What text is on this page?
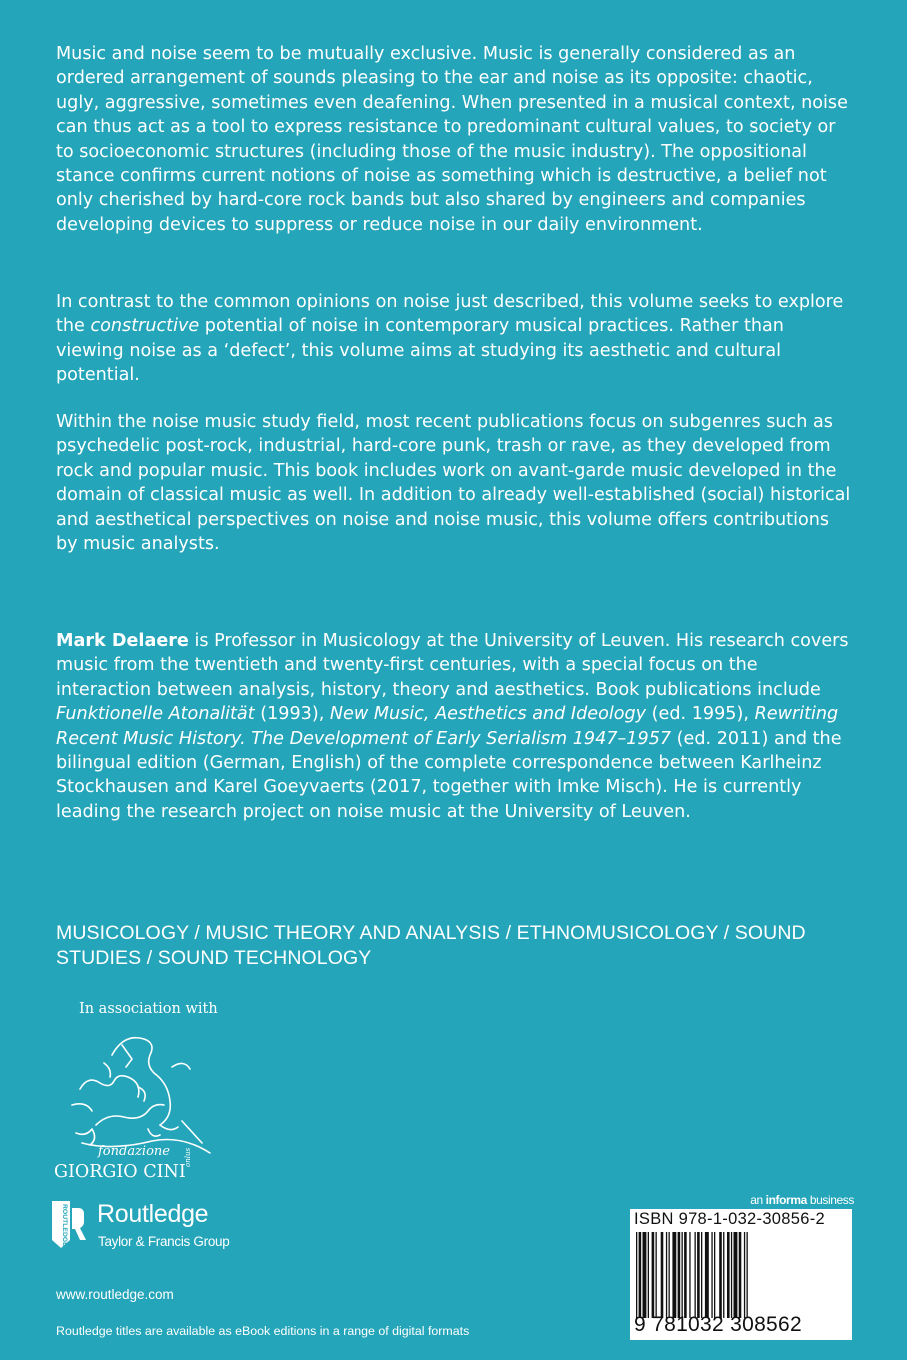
Music and noise seem to be mutually exclusive. Music is generally considered as an ordered arrangement of sounds pleasing to the ear and noise as its opposite: chaotic, ugly, aggressive, sometimes even deafening. When presented in a musical context, noise can thus act as a tool to express resistance to predominant cultural values, to society or to socioeconomic structures (including those of the music industry). The oppositional stance confirms current notions of noise as something which is destructive, a belief not only cherished by hard-core rock bands but also shared by engineers and companies developing devices to suppress or reduce noise in our daily environment.

In contrast to the common opinions on noise just described, this volume seeks to explore the constructive potential of noise in contemporary musical practices. Rather than viewing noise as a ‘defect’, this volume aims at studying its aesthetic and cultural potential.

Within the noise music study field, most recent publications focus on subgenres such as psychedelic post-rock, industrial, hard-core punk, trash or rave, as they developed from rock and popular music. This book includes work on avant-garde music developed in the domain of classical music as well. In addition to already well-established (social) historical and aesthetical perspectives on noise and noise music, this volume offers contributions by music analysts.

Mark Delaere is Professor in Musicology at the University of Leuven. His research covers music from the twentieth and twenty-first centuries, with a special focus on the interaction between analysis, history, theory and aesthetics. Book publications include Funktionelle Atonalität (1993), New Music, Aesthetics and Ideology (ed. 1995), Rewriting Recent Music History. The Development of Early Serialism 1947–1957 (ed. 2011) and the bilingual edition (German, English) of the complete correspondence between Karlheinz Stockhausen and Karel Goeyvaerts (2017, together with Imke Misch). He is currently leading the research project on noise music at the University of Leuven.

MUSICOLOGY / MUSIC THEORY AND ANALYSIS / ETHNOMUSICOLOGY / SOUND STUDIES / SOUND TECHNOLOGY
In association with
fondazione onlus
GIORGIO CINI
ROUTLEDGE Routledge
Taylor & Francis Group
www.routledge.com
Routledge titles are available as eBook editions in a range of digital formats
an informa business
ISBN 978-1-032-30856-2
9 781032 308562
